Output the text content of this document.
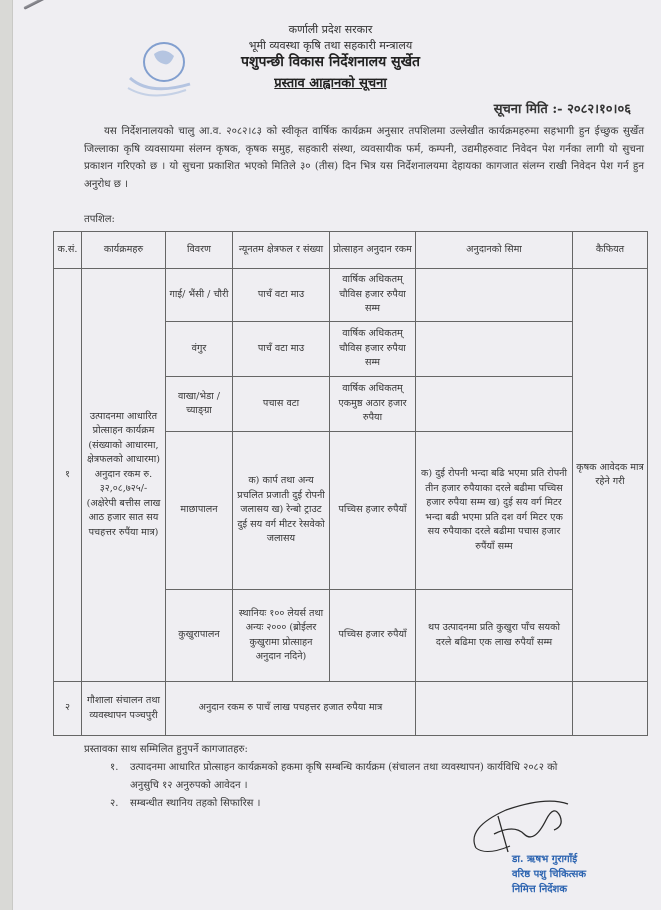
कर्णाली प्रदेश सरकार
भूमी व्यवस्था कृषि तथा सहकारी मन्त्रालय
पशुपन्छी विकास निर्देशनालय सुर्खेत
प्रस्ताव आह्वानको सूचना
सूचना मिति :- २०८२।१०।०६

यस निर्देशनालयको चालु आ.व. २०८२।८३ को स्वीकृत वार्षिक कार्यक्रम अनुसार तपशिलमा उल्लेखीत कार्यक्रमहरुमा सहभागी हुन ईच्छुक सुर्खेत जिल्लाका कृषि व्यवसायमा संलग्न कृषक, कृषक समुह, सहकारी संस्था, व्यवसायीक फर्म, कम्पनी, उद्यमीहरुवाट निवेदन पेश गर्नका लागी यो सुचना प्रकाशन गरिएको छ । यो सुचना प्रकाशित भएको मितिले ३० (तीस) दिन भित्र यस निर्देशनालयमा देहायका कागजात संलग्न राखी निवेदन पेश गर्न हुन अनुरोध छ ।

तपशिल:
क.सं.	कार्यक्रमहरु	विवरण	न्यूनतम क्षेत्रफल र संख्या	प्रोत्साहन अनुदान रकम	अनुदानको सिमा	कैफियत
१	उत्पादनमा आधारित प्रोत्साहन कार्यक्रम (संख्याको आधारमा, क्षेत्रफलको आधारमा) अनुदान रकम रु. ३२,०८,७२५/- (अक्षेरेपी बत्तीस लाख आठ हजार सात सय पचहत्तर रुपैंया मात्र)	गाई/ भैंसी / चौरी	पाचँ वटा माउ	वार्षिक अधिकतम् चौविस हजार रुपैया सम्म		कृषक आवेदक मात्र रहेने गरी
		वंगुर	पाचँ वटा माउ	वार्षिक अधिकतम् चौविस हजार रुपैया सम्म		
		वाखा/भेडा / च्याङ्ग्रा	पचास वटा	वार्षिक अधिकतम् एकमुष्ठ अठार हजार रुपैया		
		माछापालन	क) कार्प तथा अन्य प्रचलित प्रजाती दुई रोपनी जलासय ख) रेन्बो ट्राउट दुई सय वर्ग मीटर रेसवेको जलासय	पच्चिस हजार रुपैयाँ	क) दुई रोपनी भन्दा बढि भएमा प्रति रोपनी तीन हजार रुपैयाका दरले बढीमा पच्चिस हजार रुपैया सम्म ख) दुई सय वर्ग मिटर भन्दा बढी भएमा प्रति दश वर्ग मिटर एक सय रुपैयाका दरले बढीमा पचास हजार रुपैंयाँ सम्म	
		कुखुरापालन	स्थानियः १०० लेयर्स तथा अन्यः २००० (ब्रोईलर कुखुरामा प्रोत्साहन अनुदान नदिने)	पच्चिस हजार रुपैयाँ	थप उत्पादनमा प्रति कुखुरा पाँच सयको दरले बढिमा एक लाख रुपैयाँ सम्म	
२	गौशाला संचालन तथा व्यवस्थापन पञ्चपुरी	अनुदान रकम रु पाचँ लाख पचहत्तर हजात रुपैया मात्र				
प्रस्तावका साथ सम्मिलित हुनुपर्ने कागजातहरु:
१.	उत्पादनमा आधारित प्रोत्साहन कार्यक्रमको हकमा कृषि सम्बन्धि कार्यक्रम (संचालन तथा व्यवस्थापन) कार्यविधि २०८२ को अनुसुचि १२ अनुरुपको आवेदन ।
२.	सम्बन्धीत स्थानिय तहको सिफारिस ।
डा. ऋषभ गुरागाँई
वरिष्ठ पशु चिकित्सक
निमित्त निर्देशक
